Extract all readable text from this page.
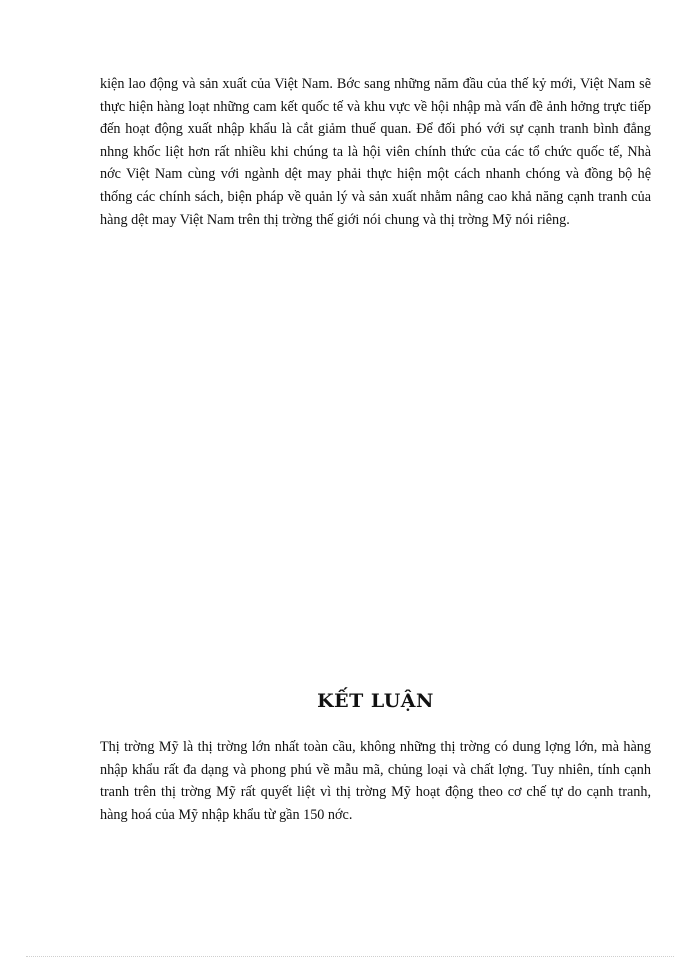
kiện lao động và sản xuất của Việt Nam. Bớc sang những năm đầu của thế kỷ mới, Việt Nam sẽ thực hiện hàng loạt những cam kết quốc tế và khu vực về hội nhập mà vấn đề ảnh hởng trực tiếp đến hoạt động xuất nhập khẩu là cắt giảm thuế quan. Để đối phó với sự cạnh tranh bình đẳng nhng khốc liệt hơn rất nhiều khi chúng ta là hội viên chính thức của các tổ chức quốc tế, Nhà nớc Việt Nam cùng với ngành dệt may phải thực hiện một cách nhanh chóng và đồng bộ hệ thống các chính sách, biện pháp về quản lý và sản xuất nhằm nâng cao khả năng cạnh tranh của hàng dệt may Việt Nam trên thị trờng thế giới nói chung và thị trờng Mỹ nói riêng.

KẾT LUẬN

Thị trờng Mỹ là thị trờng lớn nhất toàn cầu, không những thị trờng có dung lợng lớn, mà hàng nhập khẩu rất đa dạng và phong phú về mẫu mã, chủng loại và chất lợng. Tuy nhiên, tính cạnh tranh trên thị trờng Mỹ rất quyết liệt vì thị trờng Mỹ hoạt động theo cơ chế tự do cạnh tranh, hàng hoá của Mỹ nhập khẩu từ gần 150 nớc.
